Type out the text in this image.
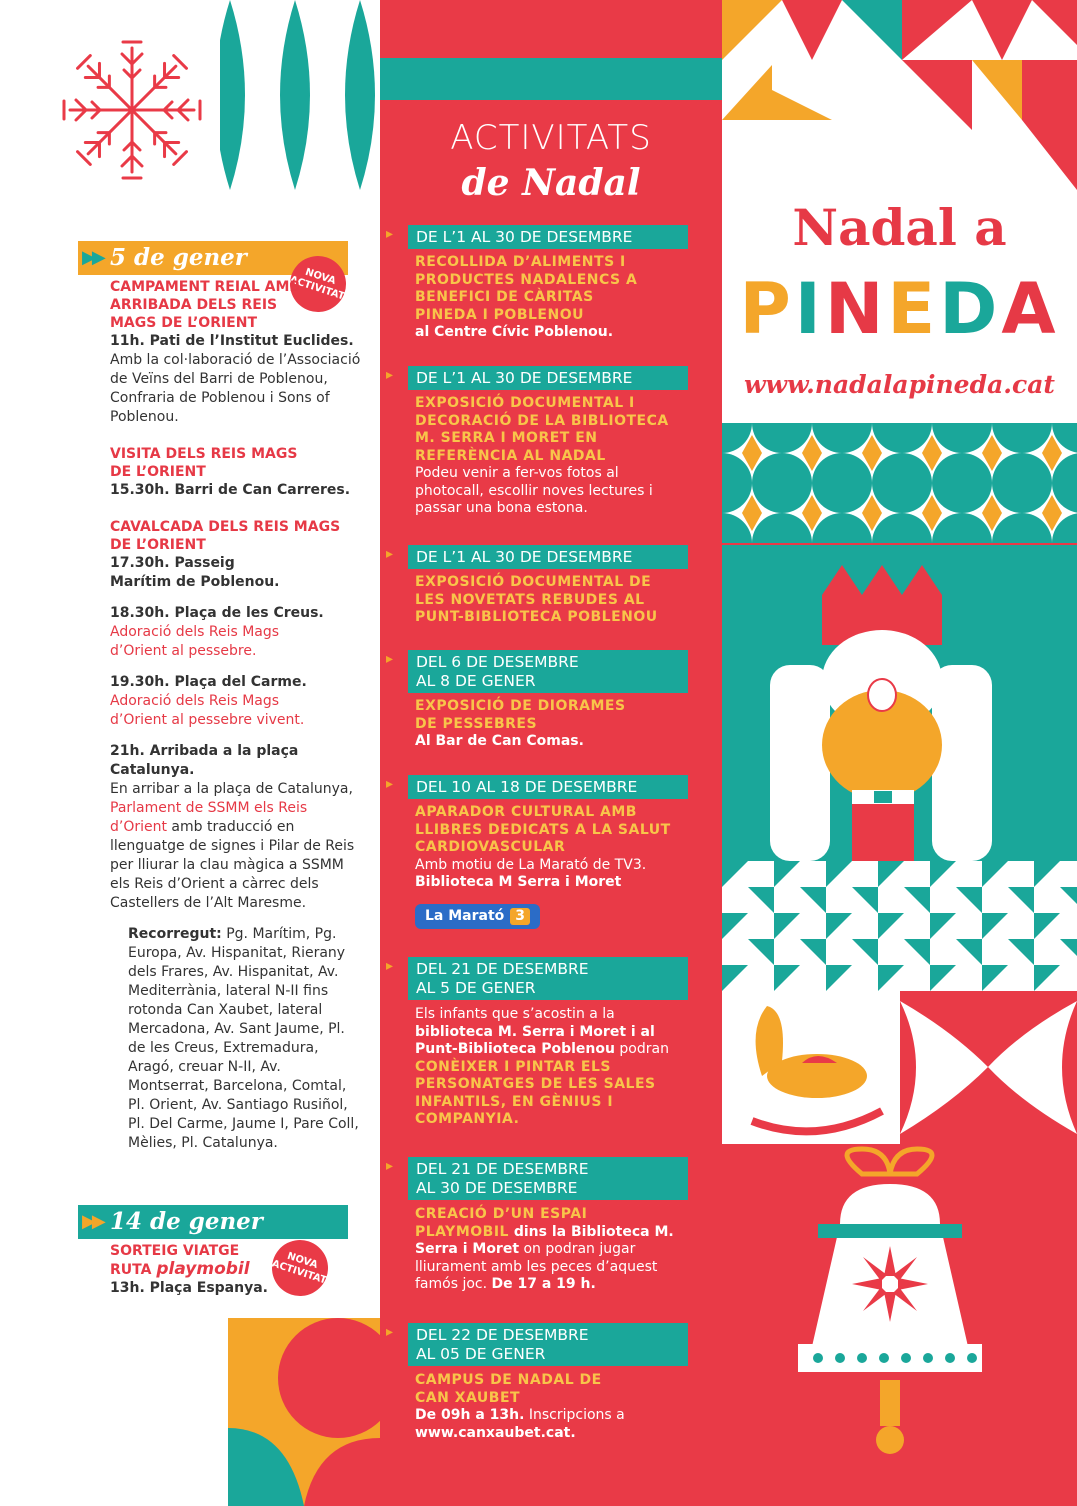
▶▶ 5 de gener
NOVA ACTIVITAT

CAMPAMENT REIAL AMB ARRIBADA DELS REIS MAGS DE L’ORIENT

11h. Pati de l’Institut Euclides.

Amb la col·laboració de l’Associació de Veïns del Barri de Poblenou, Confraria de Poblenou i Sons of Poblenou.

VISITA DELS REIS MAGS DE L’ORIENT

15.30h. Barri de Can Carreres.

CAVALCADA DELS REIS MAGS DE L’ORIENT

17.30h. Passeig Marítim de Poblenou.

18.30h. Plaça de les Creus.

Adoració dels Reis Mags d’Orient al pessebre.

19.30h. Plaça del Carme.

Adoració dels Reis Mags d’Orient al pessebre vivent.

21h. Arribada a la plaça Catalunya.

En arribar a la plaça de Catalunya, Parlament de SSMM els Reis d’Orient amb traducció en llenguatge de signes i Pilar de Reis per lliurar la clau màgica a SSMM els Reis d’Orient a càrrec dels Castellers de l’Alt Maresme.

Recorregut: Pg. Marítim, Pg. Europa, Av. Hispanitat, Rierany dels Frares, Av. Hispanitat, Av. Mediterrània, lateral N-II fins rotonda Can Xaubet, lateral Mercadona, Av. Sant Jaume, Pl. de les Creus, Extremadura, Aragó, creuar N-II, Av. Montserrat, Barcelona, Comtal, Pl. Orient, Av. Santiago Rusiñol, Pl. Del Carme, Jaume I, Pare Coll, Mèlies, Pl. Catalunya.

▶▶ 14 de gener
NOVA ACTIVITAT

SORTEIG VIATGE

RUTA playmobil

13h. Plaça Espanya.

ACTIVITATS
de Nadal
▸ DE L’1 AL 30 DE DESEMBRE

RECOLLIDA D’ALIMENTS I PRODUCTES NADALENCS A BENEFICI DE CÀRITAS PINEDA I POBLENOU

al Centre Cívic Poblenou.

▸ DE L’1 AL 30 DE DESEMBRE

EXPOSICIÓ DOCUMENTAL I DECORACIÓ DE LA BIBLIOTECA M. SERRA I MORET EN REFERÈNCIA AL NADAL

Podeu venir a fer-vos fotos al photocall, escollir noves lectures i passar una bona estona.

▸ DE L’1 AL 30 DE DESEMBRE

EXPOSICIÓ DOCUMENTAL DE LES NOVETATS REBUDES AL PUNT-BIBLIOTECA POBLENOU

▸ DEL 6 DE DESEMBRE
AL 8 DE GENER

EXPOSICIÓ DE DIORAMES DE PESSEBRES

Al Bar de Can Comas.

▸ DEL 10 AL 18 DE DESEMBRE

APARADOR CULTURAL AMB LLIBRES DEDICATS A LA SALUT CARDIOVASCULAR

Amb motiu de La Marató de TV3.

Biblioteca M Serra i Moret

La Marató 3
▸ DEL 21 DE DESEMBRE
AL 5 DE GENER

Els infants que s’acostin a la biblioteca M. Serra i Moret i al Punt-Biblioteca Poblenou podran CONÈIXER I PINTAR ELS PERSONATGES DE LES SALES INFANTILS, EN GÈNIUS I COMPANYIA.

▸ DEL 21 DE DESEMBRE
AL 30 DE DESEMBRE

CREACIÓ D’UN ESPAI PLAYMOBIL dins la Biblioteca M. Serra i Moret on podran jugar lliurament amb les peces d’aquest famós joc. De 17 a 19 h.

▸ DEL 22 DE DESEMBRE
AL 05 DE GENER

CAMPUS DE NADAL DE CAN XAUBET

De 09h a 13h. Inscripcions a www.canxaubet.cat.

Nadal a
PINEDA
www.nadalapineda.cat
